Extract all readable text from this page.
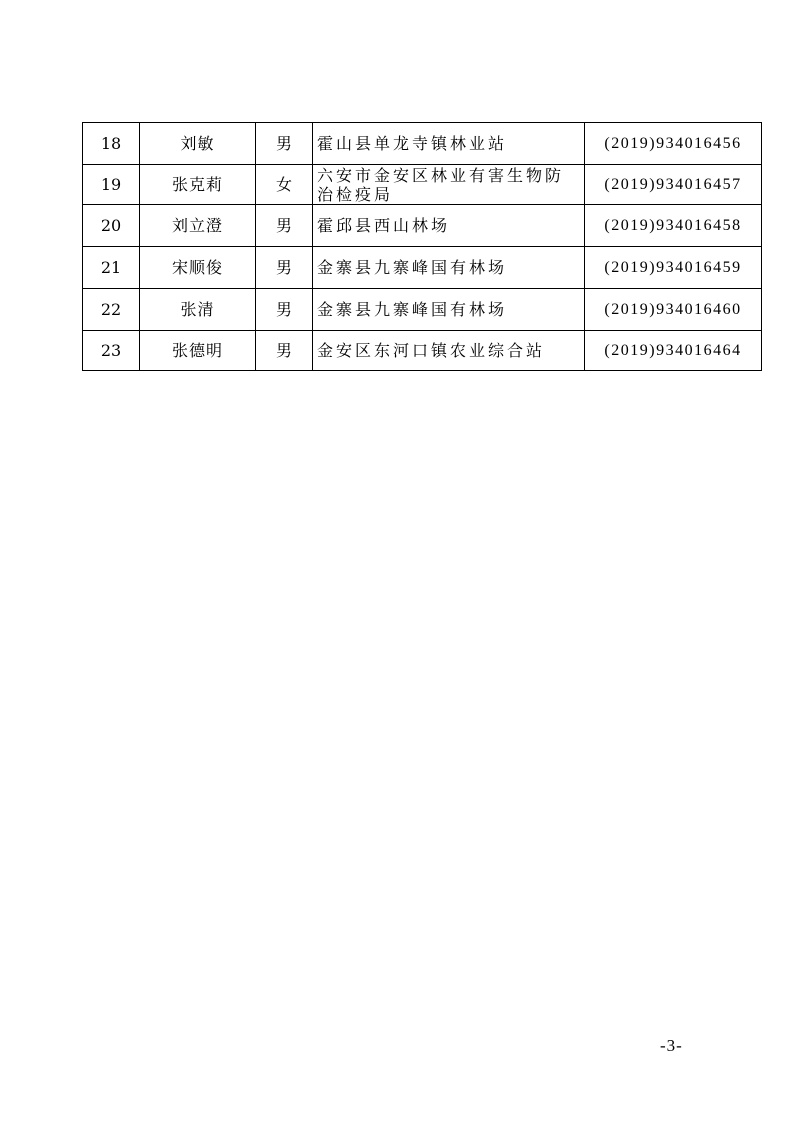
18	刘敏	男	霍山县单龙寺镇林业站	(2019)934016456
19	张克莉	女	六安市金安区林业有害生物防治检疫局	(2019)934016457
20	刘立澄	男	霍邱县西山林场	(2019)934016458
21	宋顺俊	男	金寨县九寨峰国有林场	(2019)934016459
22	张清	男	金寨县九寨峰国有林场	(2019)934016460
23	张德明	男	金安区东河口镇农业综合站	(2019)934016464
-3-
